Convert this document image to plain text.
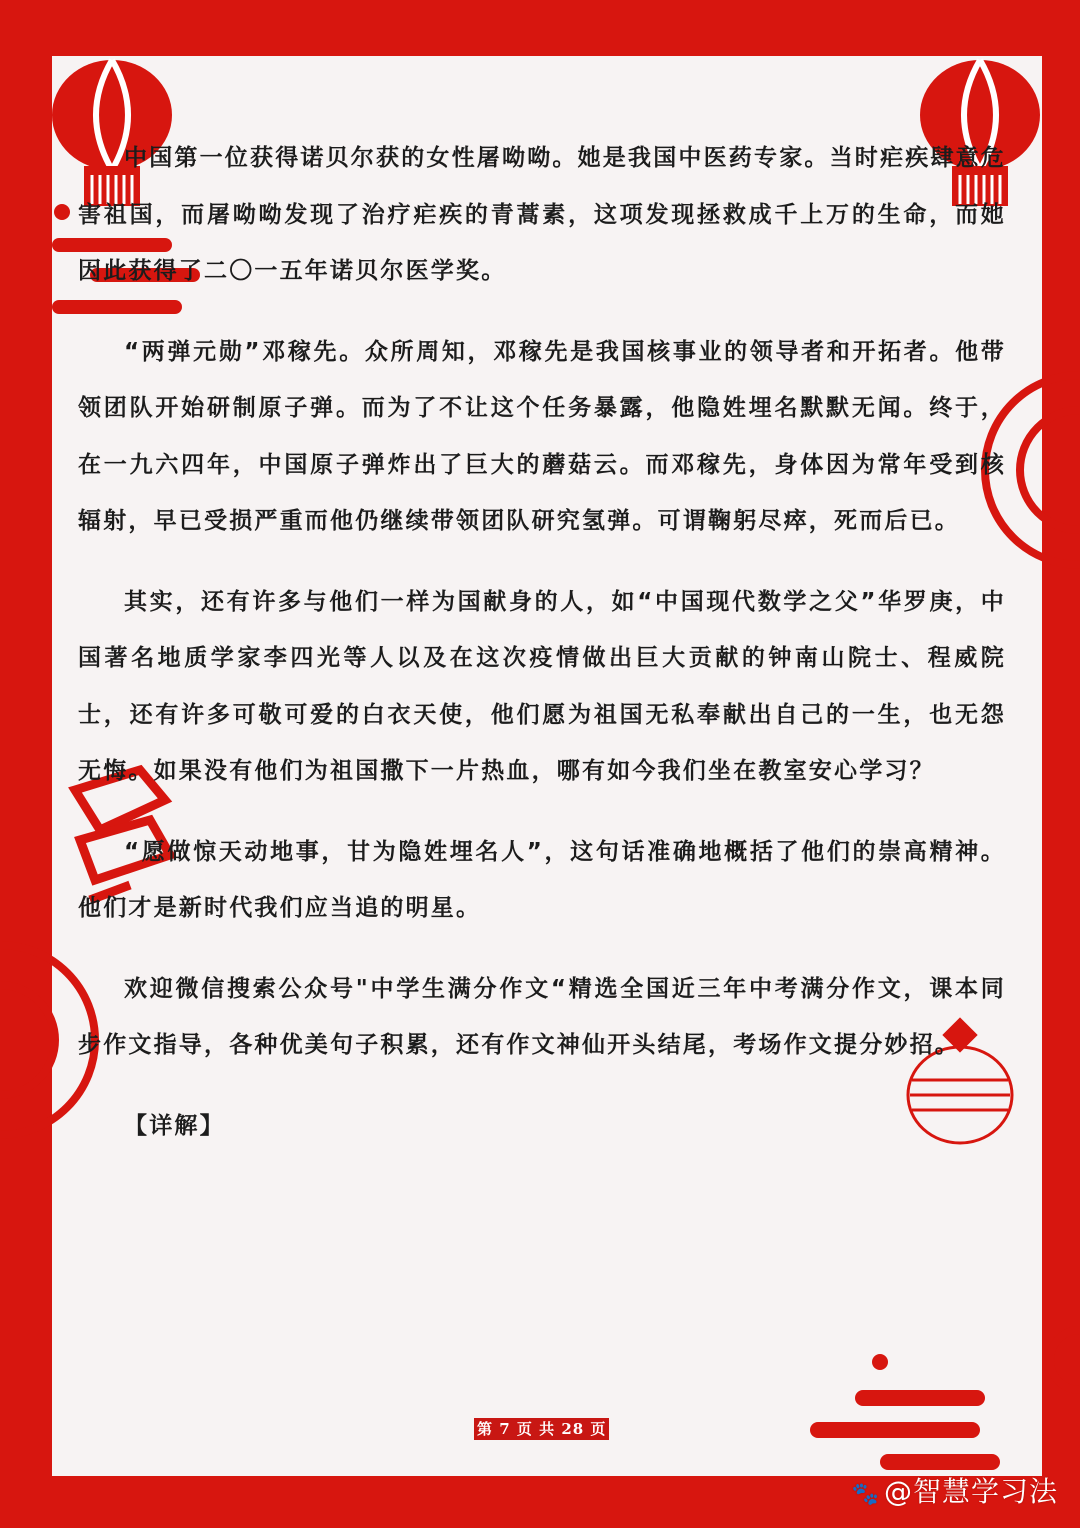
中国第一位获得诺贝尔获的女性屠呦呦。她是我国中医药专家。当时疟疾肆意危害祖国，而屠呦呦发现了治疗疟疾的青蒿素，这项发现拯救成千上万的生命，而她因此获得了二〇一五年诺贝尔医学奖。

“两弹元勋”邓稼先。众所周知，邓稼先是我国核事业的领导者和开拓者。他带领团队开始研制原子弹。而为了不让这个任务暴露，他隐姓埋名默默无闻。终于，在一九六四年，中国原子弹炸出了巨大的蘑菇云。而邓稼先，身体因为常年受到核辐射，早已受损严重而他仍继续带领团队研究氢弹。可谓鞠躬尽瘁，死而后已。

其实，还有许多与他们一样为国献身的人，如“中国现代数学之父”华罗庚，中国著名地质学家李四光等人以及在这次疫情做出巨大贡献的钟南山院士、程威院士，还有许多可敬可爱的白衣天使，他们愿为祖国无私奉献出自己的一生，也无怨无悔。如果没有他们为祖国撒下一片热血，哪有如今我们坐在教室安心学习？

“愿做惊天动地事，甘为隐姓埋名人”，这句话准确地概括了他们的崇高精神。他们才是新时代我们应当追的明星。

欢迎微信搜索公众号"中学生满分作文“精选全国近三年中考满分作文，课本同步作文指导，各种优美句子积累，还有作文神仙开头结尾，考场作文提分妙招。

【详解】
第 7 页 共 28 页
🐾 @智慧学习法
